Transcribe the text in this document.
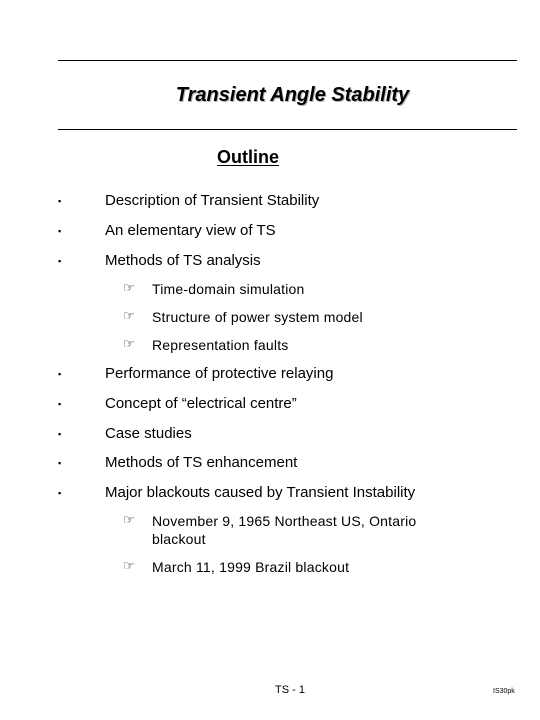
Transient Angle Stability
Outline
▪	Description of Transient Stability
▪	An elementary view of TS
▪	Methods of TS analysis
☞ Time-domain simulation
☞ Structure of power system model
☞ Representation faults
▪	Performance of protective relaying
▪	Concept of “electrical centre”
▪	Case studies
▪	Methods of TS enhancement
▪	Major blackouts caused by Transient Instability
☞ November 9, 1965 Northeast US, Ontario blackout
☞ March 11, 1999 Brazil blackout
TS - 1	IS30pk
